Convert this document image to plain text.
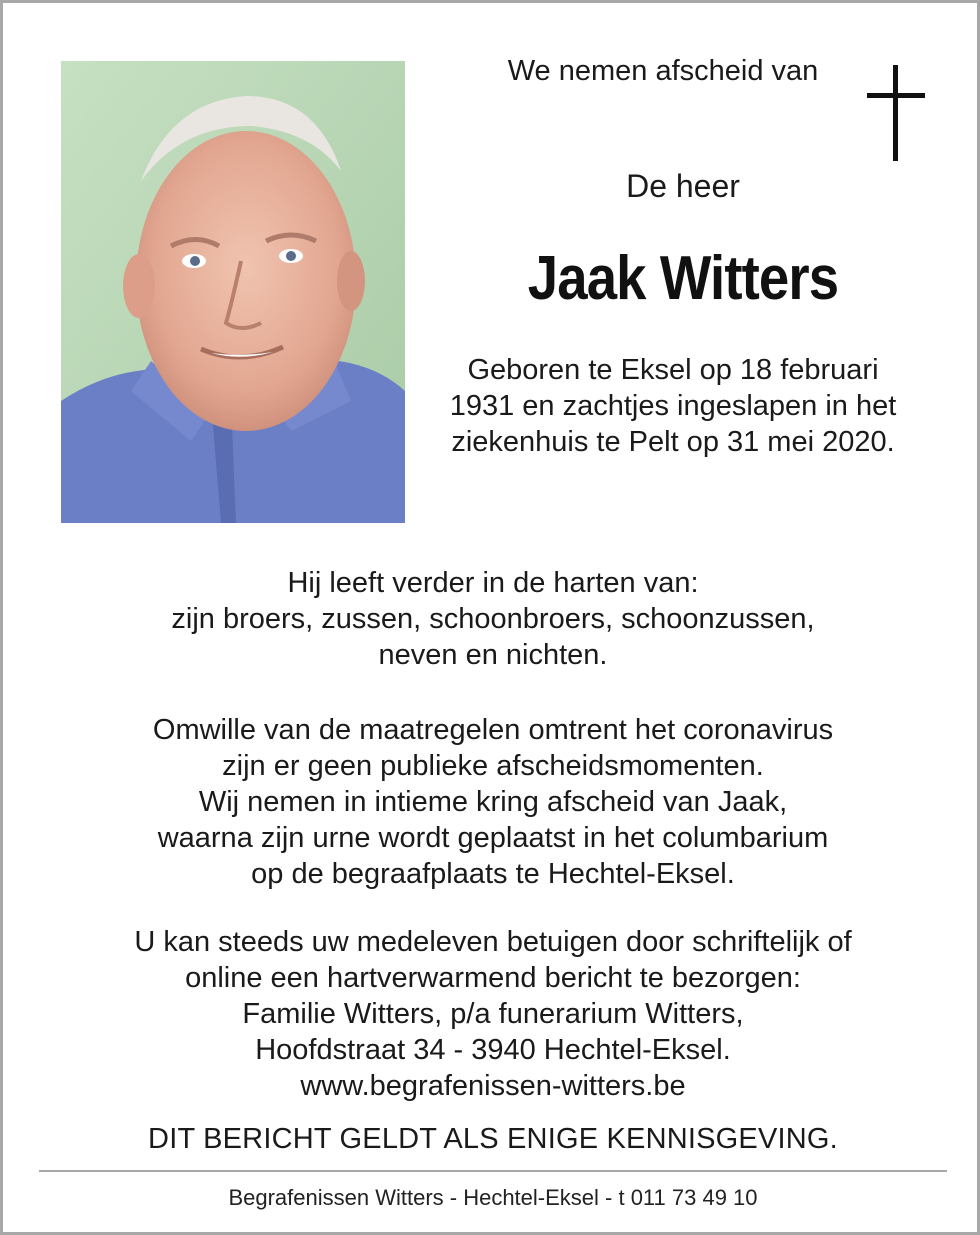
We nemen afscheid van
De heer
Jaak Witters
Geboren te Eksel op 18 februari
1931 en zachtjes ingeslapen in het
ziekenhuis te Pelt op 31 mei 2020.
Hij leeft verder in de harten van:
zijn broers, zussen, schoonbroers, schoonzussen,
neven en nichten.
Omwille van de maatregelen omtrent het coronavirus
zijn er geen publieke afscheidsmomenten.
Wij nemen in intieme kring afscheid van Jaak,
waarna zijn urne wordt geplaatst in het columbarium
op de begraafplaats te Hechtel-Eksel.
U kan steeds uw medeleven betuigen door schriftelijk of
online een hartverwarmend bericht te bezorgen:
Familie Witters, p/a funerarium Witters,
Hoofdstraat 34 - 3940 Hechtel-Eksel.
www.begrafenissen-witters.be
DIT BERICHT GELDT ALS ENIGE KENNISGEVING.
Begrafenissen Witters - Hechtel-Eksel - t 011 73 49 10
